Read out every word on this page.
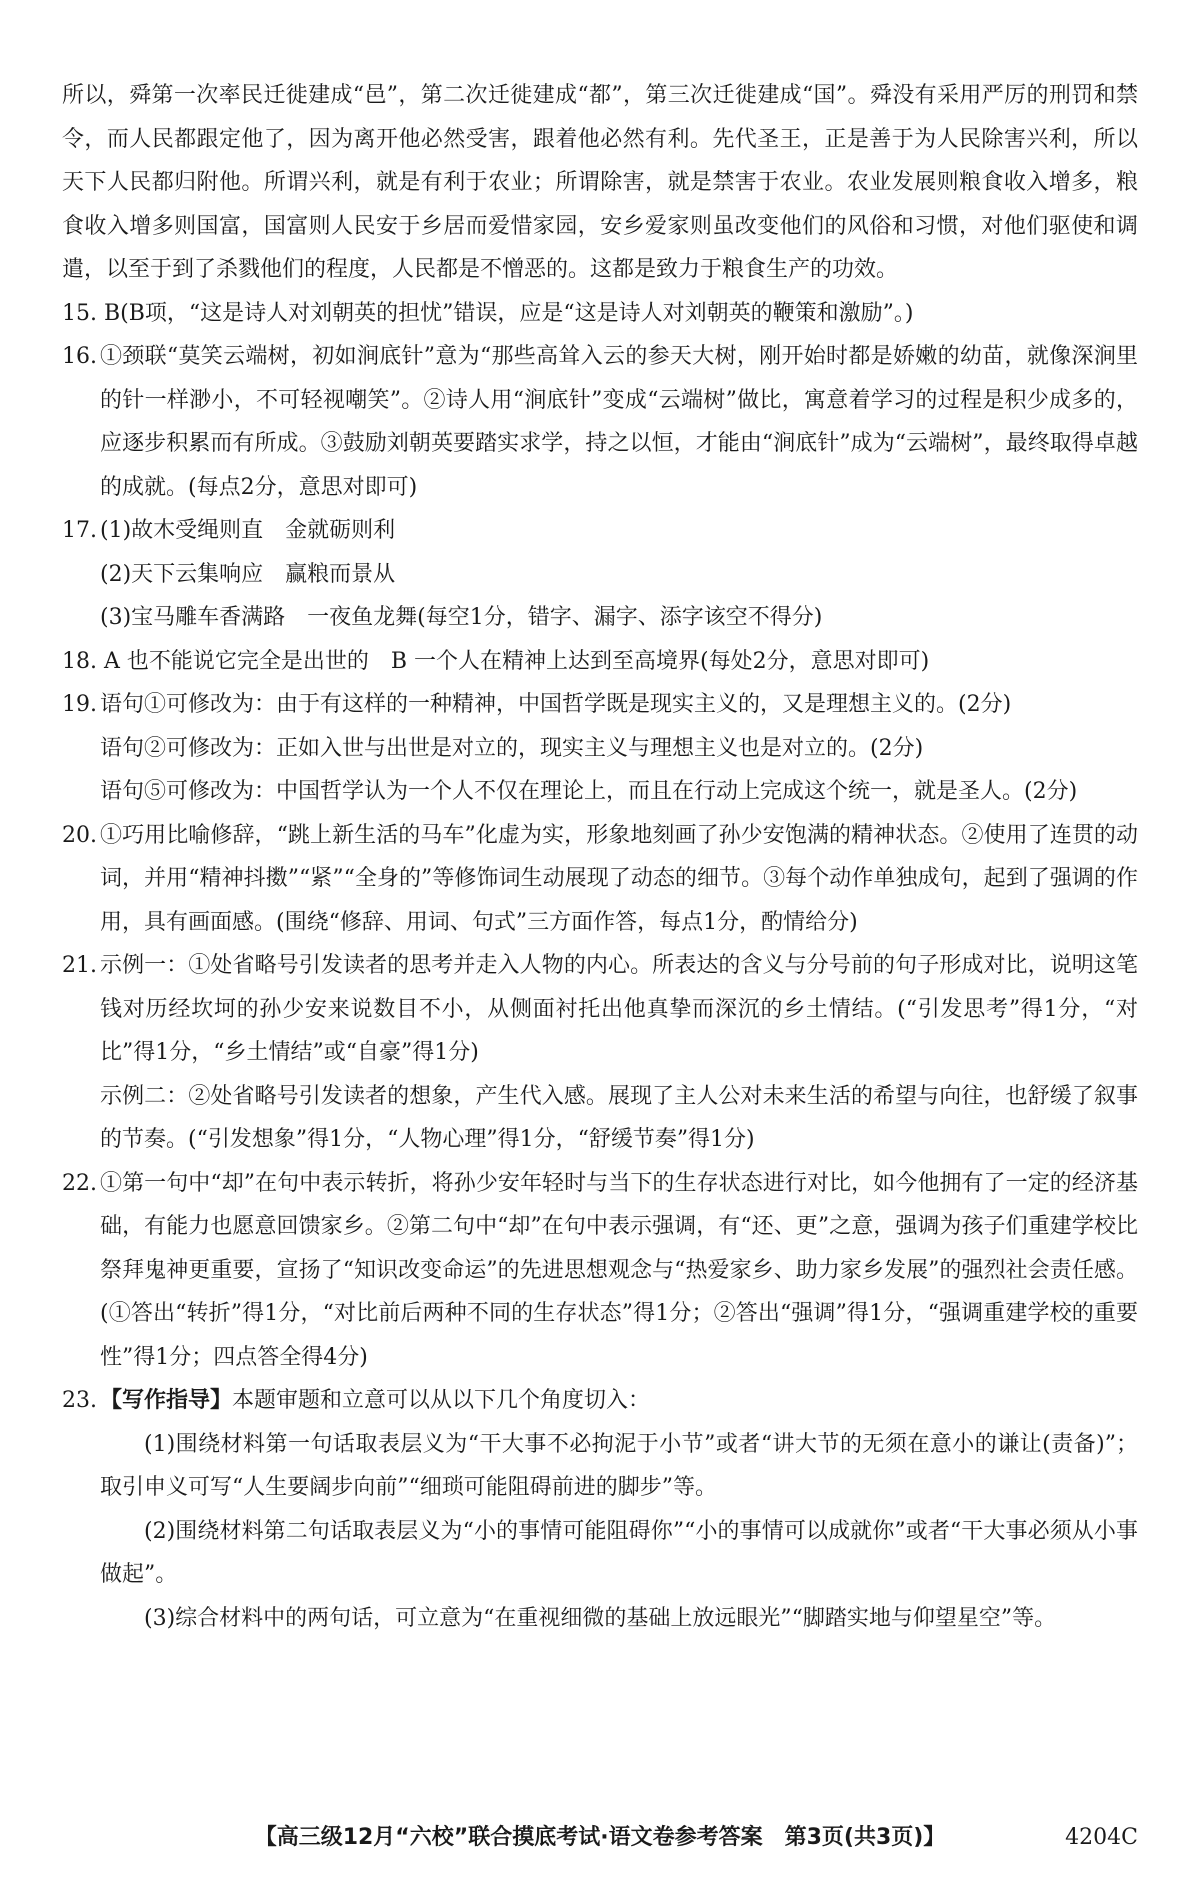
所以，舜第一次率民迁徙建成“邑”，第二次迁徙建成“都”，第三次迁徙建成“国”。舜没有采用严厉的刑罚和禁令，而人民都跟定他了，因为离开他必然受害，跟着他必然有利。先代圣王，正是善于为人民除害兴利，所以天下人民都归附他。所谓兴利，就是有利于农业；所谓除害，就是禁害于农业。农业发展则粮食收入增多，粮食收入增多则国富，国富则人民安于乡居而爱惜家园，安乡爱家则虽改变他们的风俗和习惯，对他们驱使和调遣，以至于到了杀戮他们的程度，人民都是不憎恶的。这都是致力于粮食生产的功效。

15. B(B项，“这是诗人对刘朝英的担忧”错误，应是“这是诗人对刘朝英的鞭策和激励”。)

16. ①颈联“莫笑云端树，初如涧底针”意为“那些高耸入云的参天大树，刚开始时都是娇嫩的幼苗，就像深涧里的针一样渺小，不可轻视嘲笑”。②诗人用“涧底针”变成“云端树”做比，寓意着学习的过程是积少成多的，应逐步积累而有所成。③鼓励刘朝英要踏实求学，持之以恒，才能由“涧底针”成为“云端树”，最终取得卓越的成就。(每点2分，意思对即可)
17. (1)故木受绳则直　金就砺则利

(2)天下云集响应　赢粮而景从

(3)宝马雕车香满路　一夜鱼龙舞(每空1分，错字、漏字、添字该空不得分)

18. A 也不能说它完全是出世的　B 一个人在精神上达到至高境界(每处2分，意思对即可)

19. 语句①可修改为：由于有这样的一种精神，中国哲学既是现实主义的，又是理想主义的。(2分)

语句②可修改为：正如入世与出世是对立的，现实主义与理想主义也是对立的。(2分)

语句⑤可修改为：中国哲学认为一个人不仅在理论上，而且在行动上完成这个统一，就是圣人。(2分)

20. ①巧用比喻修辞，“跳上新生活的马车”化虚为实，形象地刻画了孙少安饱满的精神状态。②使用了连贯的动词，并用“精神抖擞”“紧”“全身的”等修饰词生动展现了动态的细节。③每个动作单独成句，起到了强调的作用，具有画面感。(围绕“修辞、用词、句式”三方面作答，每点1分，酌情给分)
21. 示例一：①处省略号引发读者的思考并走入人物的内心。所表达的含义与分号前的句子形成对比，说明这笔钱对历经坎坷的孙少安来说数目不小，从侧面衬托出他真挚而深沉的乡土情结。(“引发思考”得1分，“对比”得1分，“乡土情结”或“自豪”得1分)

示例二：②处省略号引发读者的想象，产生代入感。展现了主人公对未来生活的希望与向往，也舒缓了叙事的节奏。(“引发想象”得1分，“人物心理”得1分，“舒缓节奏”得1分)

22. ①第一句中“却”在句中表示转折，将孙少安年轻时与当下的生存状态进行对比，如今他拥有了一定的经济基础，有能力也愿意回馈家乡。②第二句中“却”在句中表示强调，有“还、更”之意，强调为孩子们重建学校比祭拜鬼神更重要，宣扬了“知识改变命运”的先进思想观念与“热爱家乡、助力家乡发展”的强烈社会责任感。(①答出“转折”得1分，“对比前后两种不同的生存状态”得1分；②答出“强调”得1分，“强调重建学校的重要性”得1分；四点答全得4分)
23. 【写作指导】本题审题和立意可以从以下几个角度切入：

(1)围绕材料第一句话取表层义为“干大事不必拘泥于小节”或者“讲大节的无须在意小的谦让(责备)”；取引申义可写“人生要阔步向前”“细琐可能阻碍前进的脚步”等。

(2)围绕材料第二句话取表层义为“小的事情可能阻碍你”“小的事情可以成就你”或者“干大事必须从小事做起”。

(3)综合材料中的两句话，可立意为“在重视细微的基础上放远眼光”“脚踏实地与仰望星空”等。

【高三级12月“六校”联合摸底考试·语文卷参考答案　第3页(共3页)】	4204C
